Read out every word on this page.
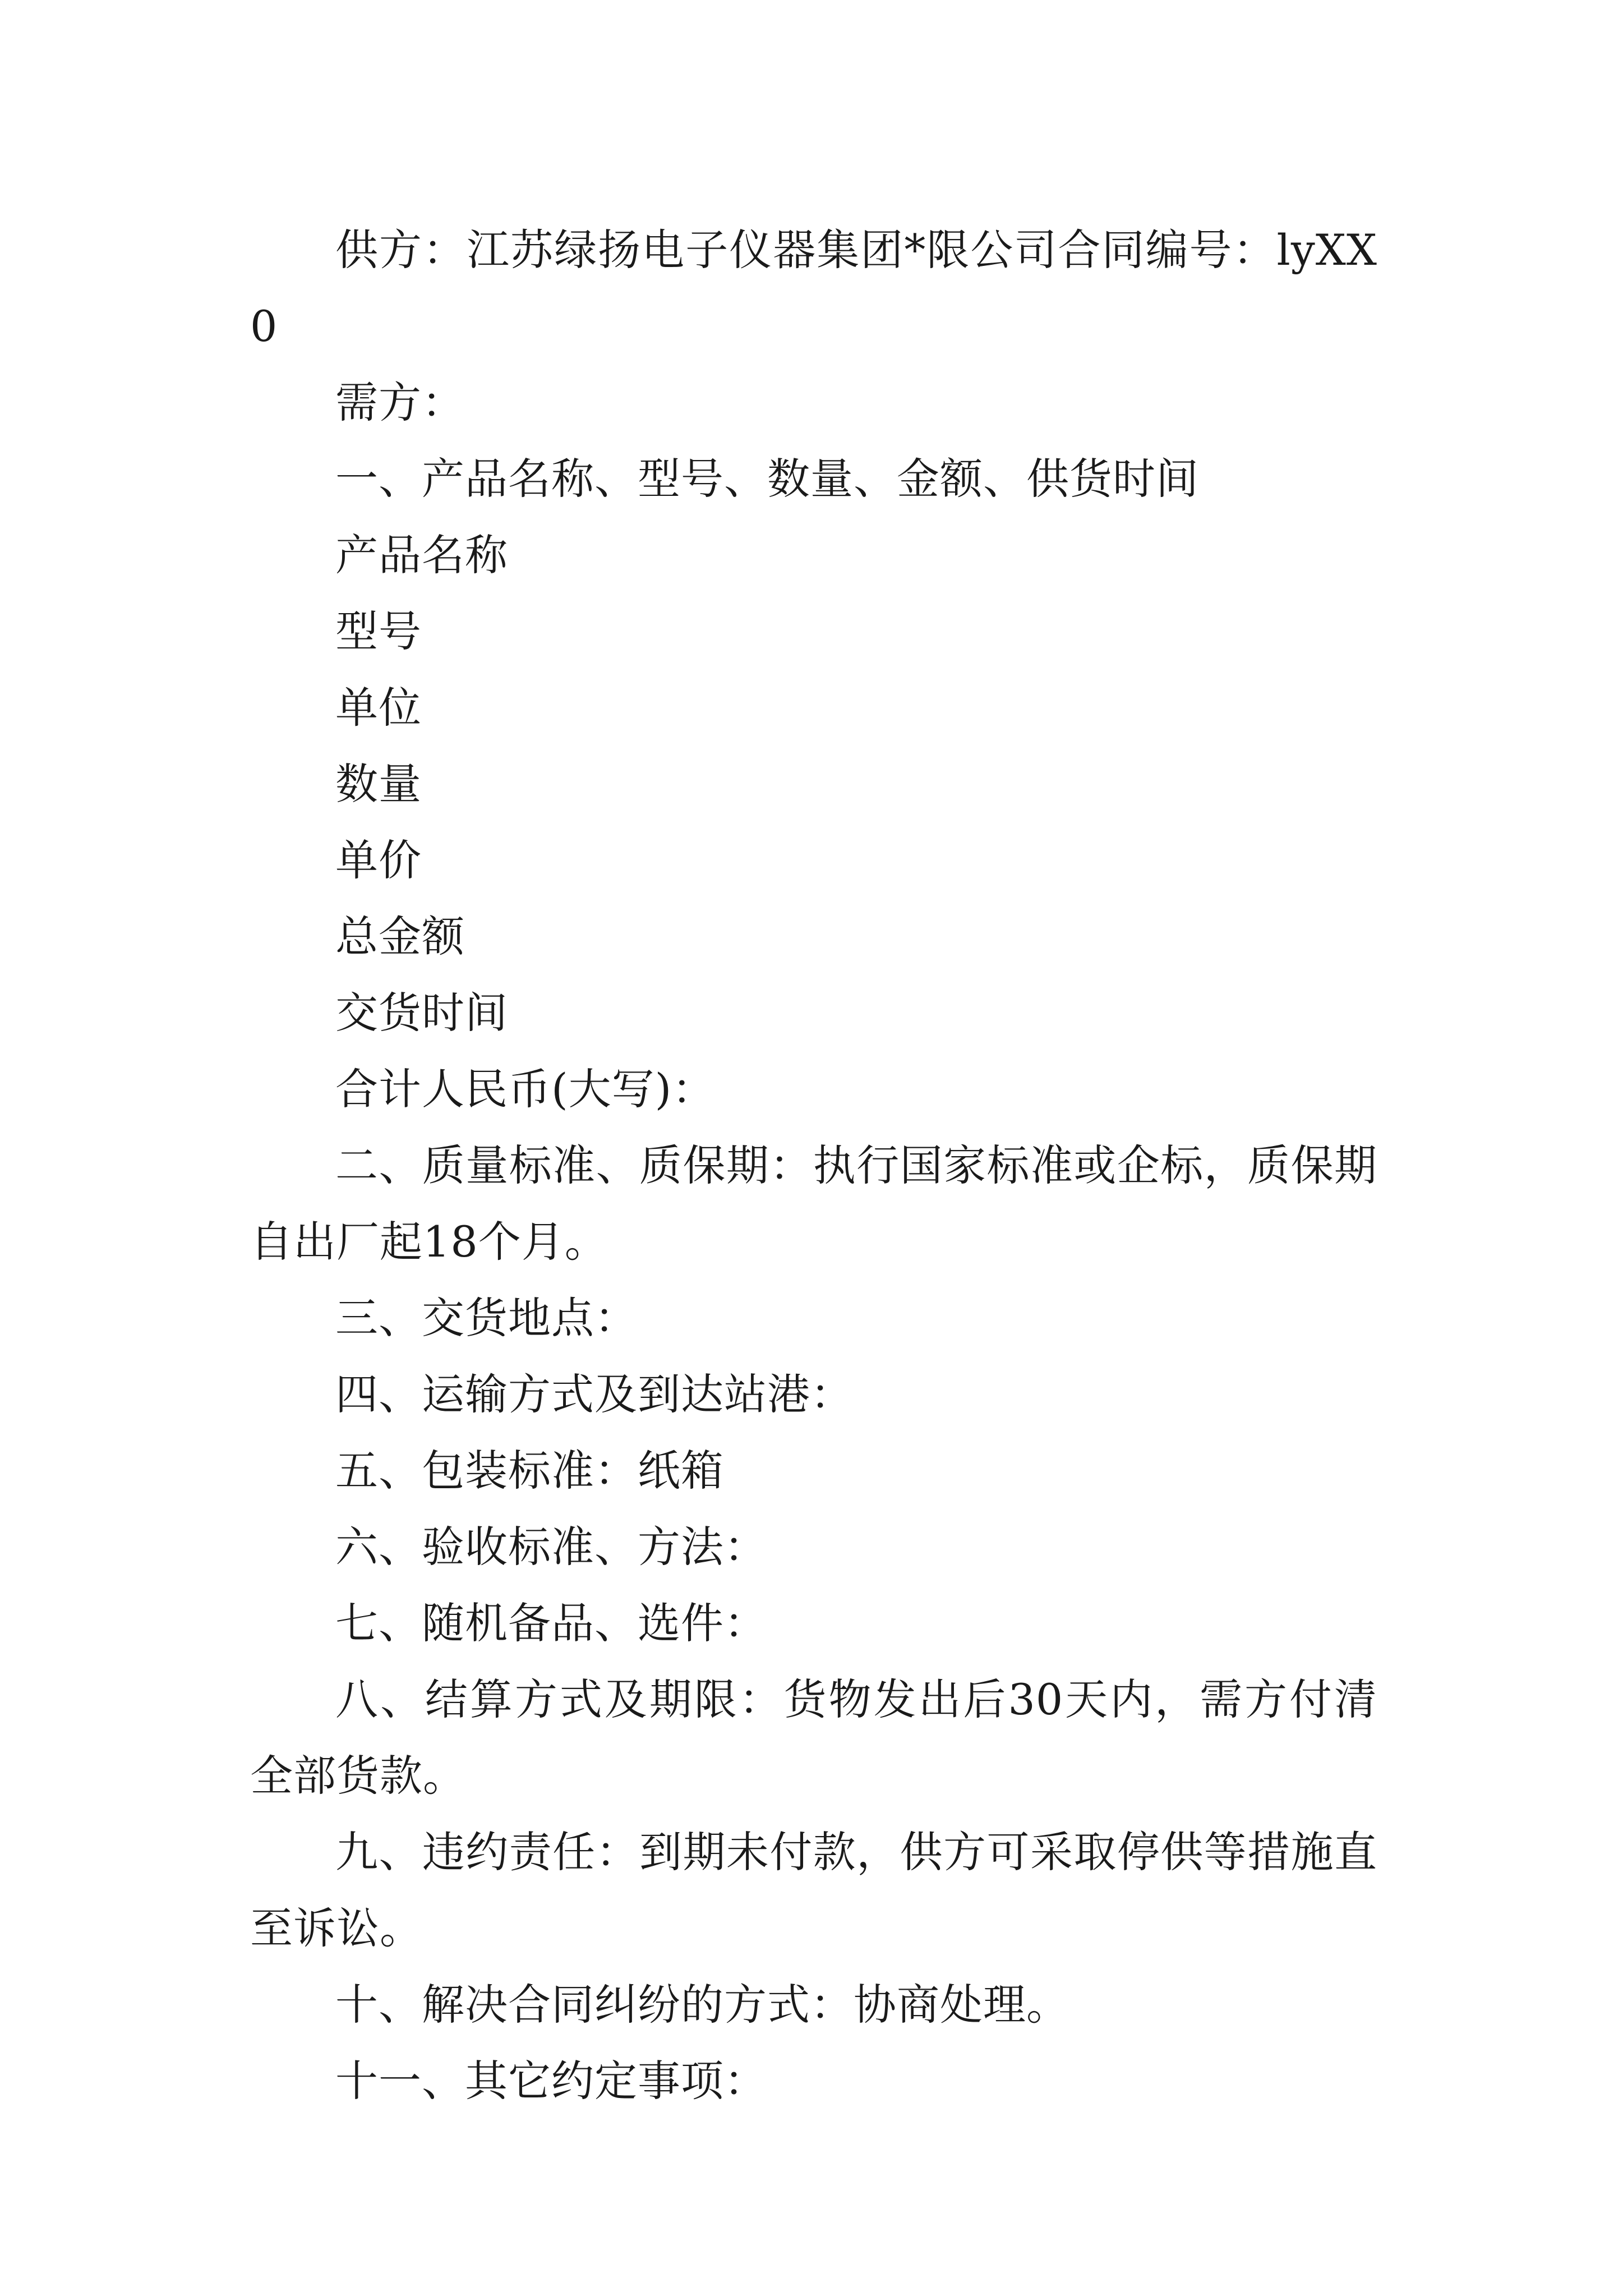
供方：江苏绿扬电子仪器集团*限公司合同编号：lyXX0

需方：

一、产品名称、型号、数量、金额、供货时间

产品名称

型号

单位

数量

单价

总金额

交货时间

合计人民币(大写)：

二、质量标准、质保期：执行国家标准或企标，质保期自出厂起18个月。

三、交货地点：

四、运输方式及到达站港：

五、包装标准：纸箱

六、验收标准、方法：

七、随机备品、选件：

八、结算方式及期限：货物发出后30天内，需方付清全部货款。

九、违约责任：到期未付款，供方可采取停供等措施直至诉讼。

十、解决合同纠纷的方式：协商处理。

十一、其它约定事项：
